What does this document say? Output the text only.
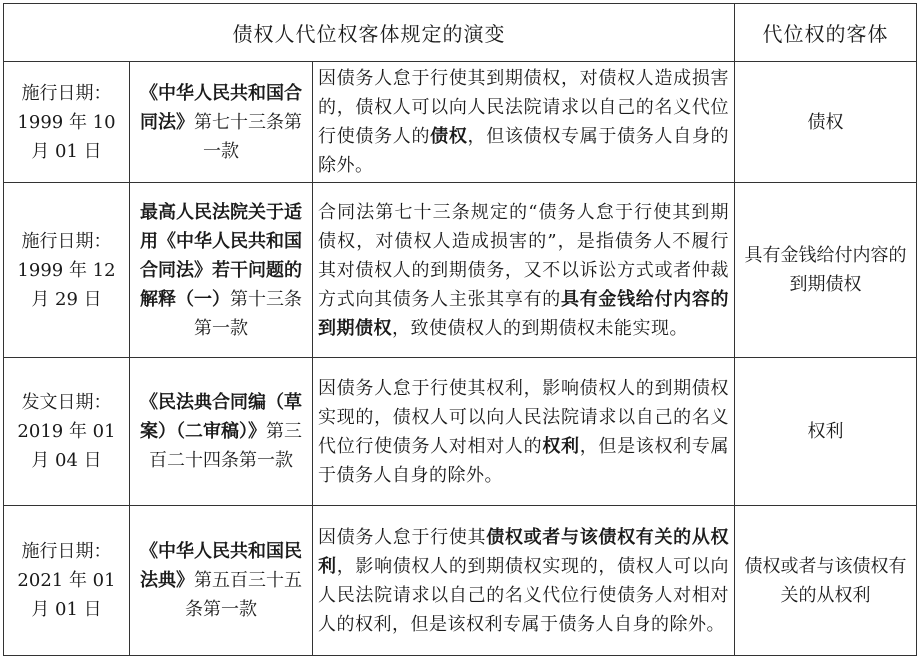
债权人代位权客体规定的演变			代位权的客体
施行日期：1999 年 10 月 01 日	《中华人民共和国合同法》第七十三条第一款	因债务人怠于行使其到期债权，对债权人造成损害的，债权人可以向人民法院请求以自己的名义代位行使债务人的债权，但该债权专属于债务人自身的除外。	债权
施行日期：1999 年 12 月 29 日	最高人民法院关于适用《中华人民共和国合同法》若干问题的解释（一）第十三条第一款	合同法第七十三条规定的“债务人怠于行使其到期债权，对债权人造成损害的”，是指债务人不履行其对债权人的到期债务，又不以诉讼方式或者仲裁方式向其债务人主张其享有的具有金钱给付内容的到期债权，致使债权人的到期债权未能实现。	具有金钱给付内容的到期债权
发文日期：2019 年 01 月 04 日	《民法典合同编（草案）（二审稿）》第三百二十四条第一款	因债务人怠于行使其权利，影响债权人的到期债权实现的，债权人可以向人民法院请求以自己的名义代位行使债务人对相对人的权利，但是该权利专属于债务人自身的除外。	权利
施行日期：2021 年 01 月 01 日	《中华人民共和国民法典》第五百三十五条第一款	因债务人怠于行使其债权或者与该债权有关的从权利，影响债权人的到期债权实现的，债权人可以向人民法院请求以自己的名义代位行使债务人对相对人的权利，但是该权利专属于债务人自身的除外。	债权或者与该债权有关的从权利
